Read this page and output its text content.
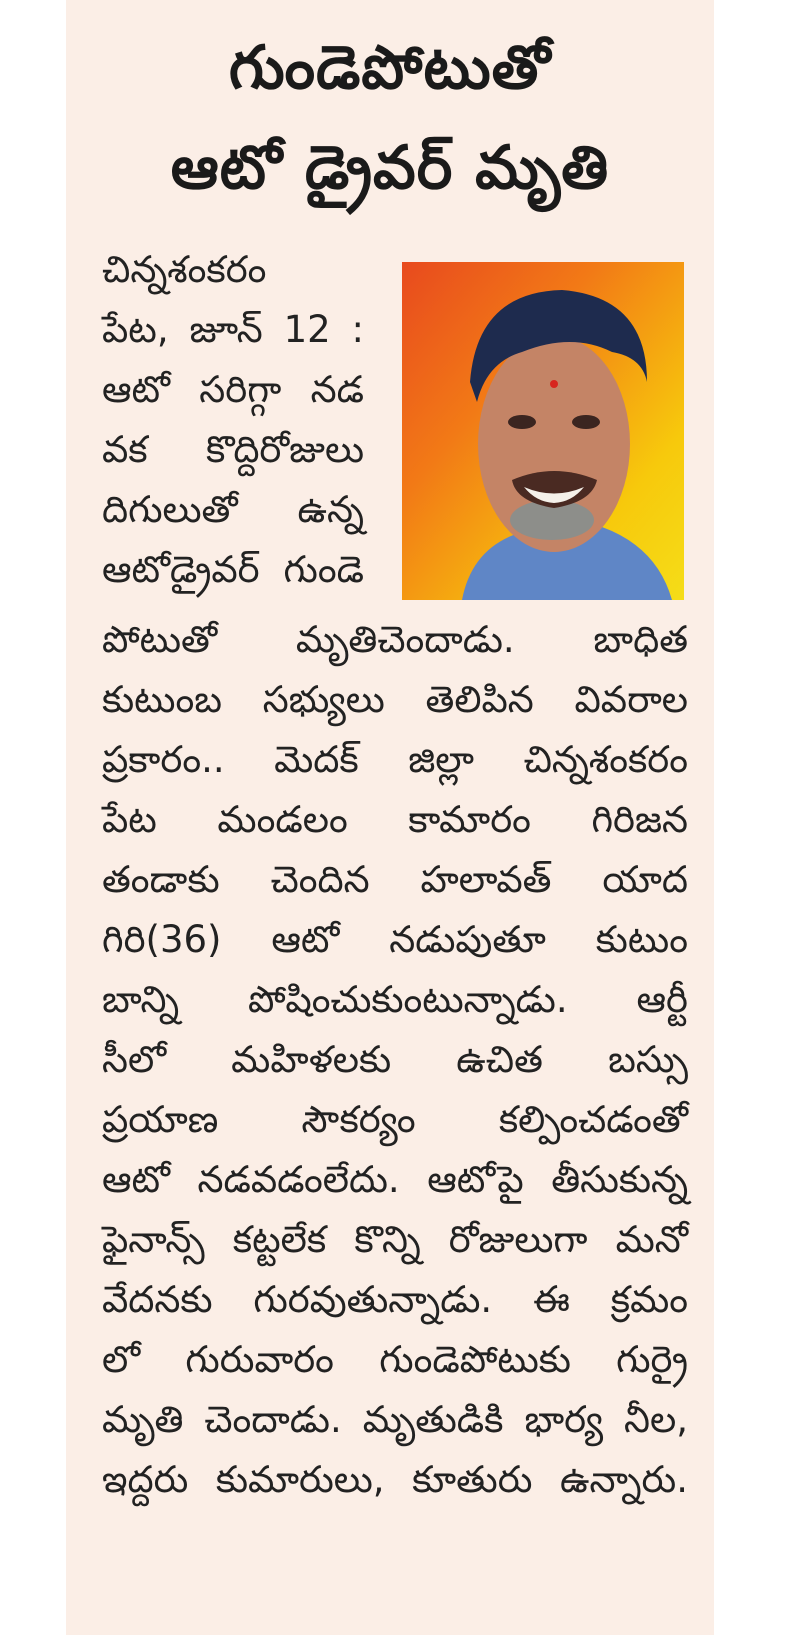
గుండెపోటుతో
ఆటో డ్రైవర్ మృతి
చిన్నశంకరం
పేట, జూన్ 12 :
ఆటో సరిగ్గా నడ
వక కొద్దిరోజులు
దిగులుతో ఉన్న
ఆటోడ్రైవర్ గుండె
పోటుతో మృతిచెందాడు. బాధిత
కుటుంబ సభ్యులు తెలిపిన వివరాల
ప్రకారం.. మెదక్ జిల్లా చిన్నశంకరం
పేట మండలం కామారం గిరిజన
తండాకు చెందిన హలావత్ యాద
గిరి(36) ఆటో నడుపుతూ కుటుం
బాన్ని పోషించుకుంటున్నాడు. ఆర్టీ
సీలో మహిళలకు ఉచిత బస్సు
ప్రయాణ సౌకర్యం కల్పించడంతో
ఆటో నడవడంలేదు. ఆటోపై తీసుకున్న
ఫైనాన్స్ కట్టలేక కొన్ని రోజులుగా మనో
వేదనకు గురవుతున్నాడు. ఈ క్రమం
లో గురువారం గుండెపోటుకు గుర్రై
మృతి చెందాడు. మృతుడికి భార్య నీల,
ఇద్దరు కుమారులు, కూతురు ఉన్నారు.
